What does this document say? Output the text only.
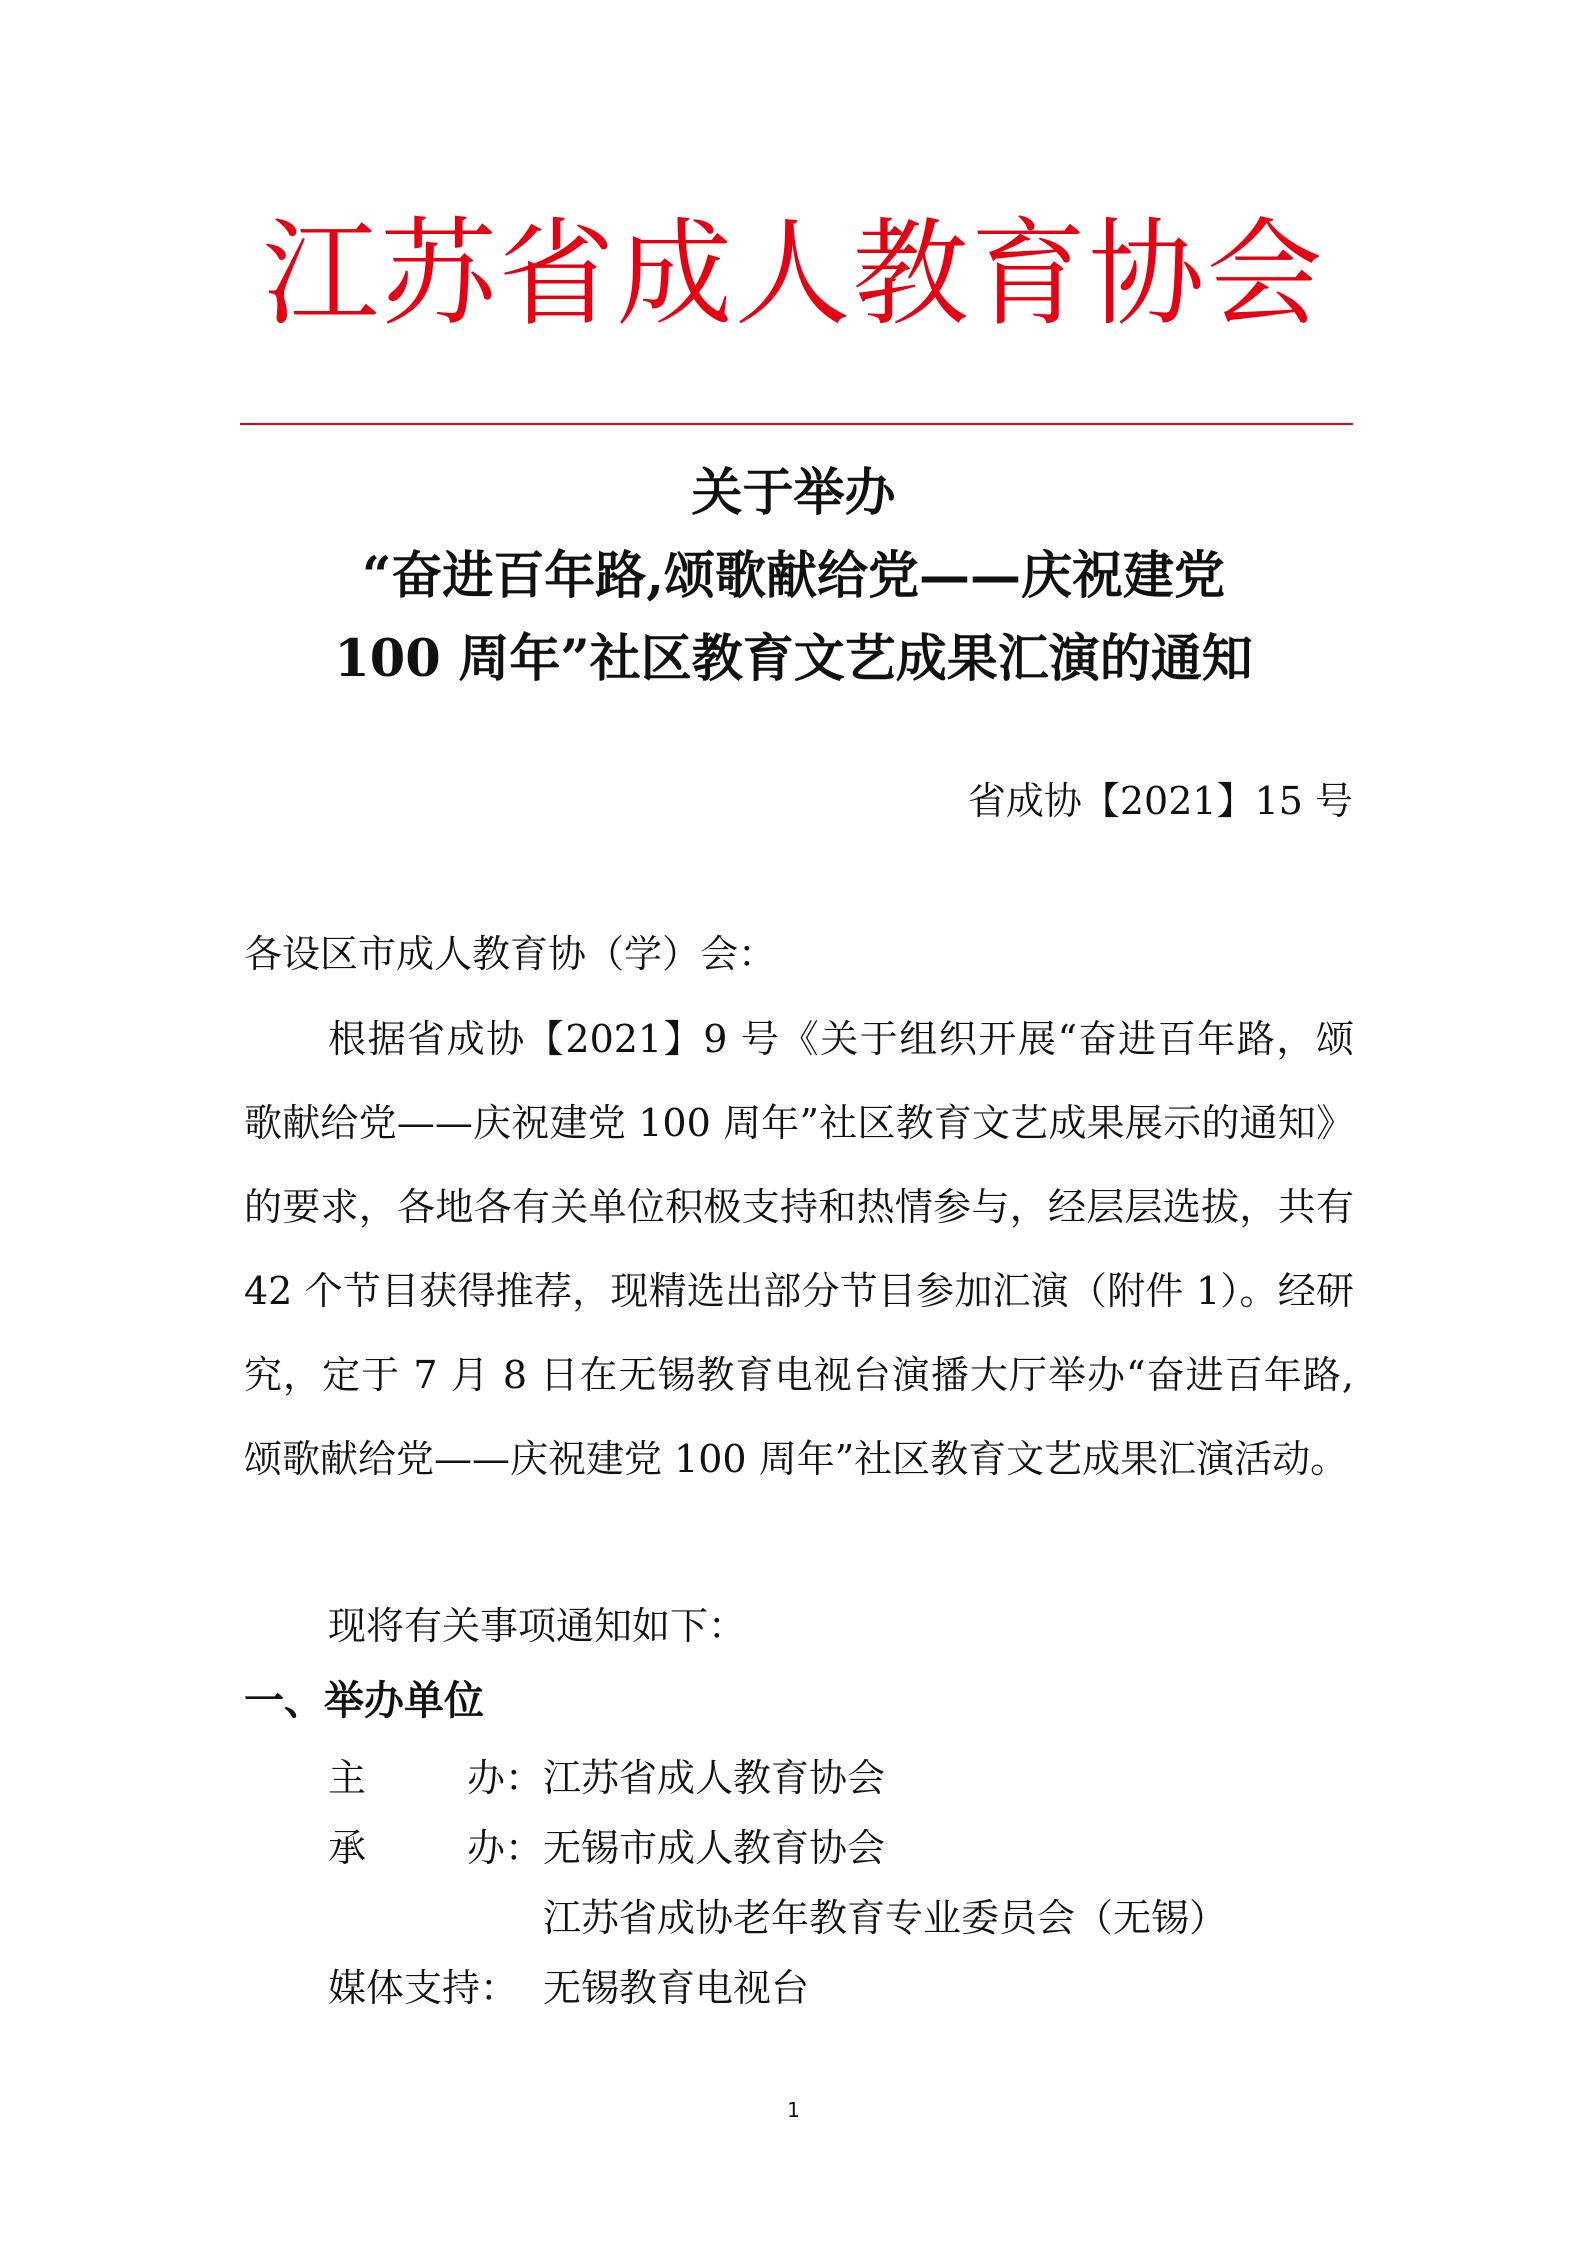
江苏省成人教育协会
关于举办
“奋进百年路,颂歌献给党——庆祝建党
100 周年”社区教育文艺成果汇演的通知
省成协【2021】15 号
各设区市成人教育协（学）会：
根据省成协【2021】9 号《关于组织开展“奋进百年路，颂歌献给党——庆祝建党 100 周年”社区教育文艺成果展示的通知》的要求，各地各有关单位积极支持和热情参与，经层层选拔，共有 42 个节目获得推荐，现精选出部分节目参加汇演（附件 1）。经研究，定于 7 月 8 日在无锡教育电视台演播大厅举办“奋进百年路,颂歌献给党——庆祝建党 100 周年”社区教育文艺成果汇演活动。
现将有关事项通知如下：
一、举办单位
主	办： 江苏省成人教育协会
承	办： 无锡市成人教育协会
江苏省成协老年教育专业委员会（无锡）
媒体支持： 无锡教育电视台
1
